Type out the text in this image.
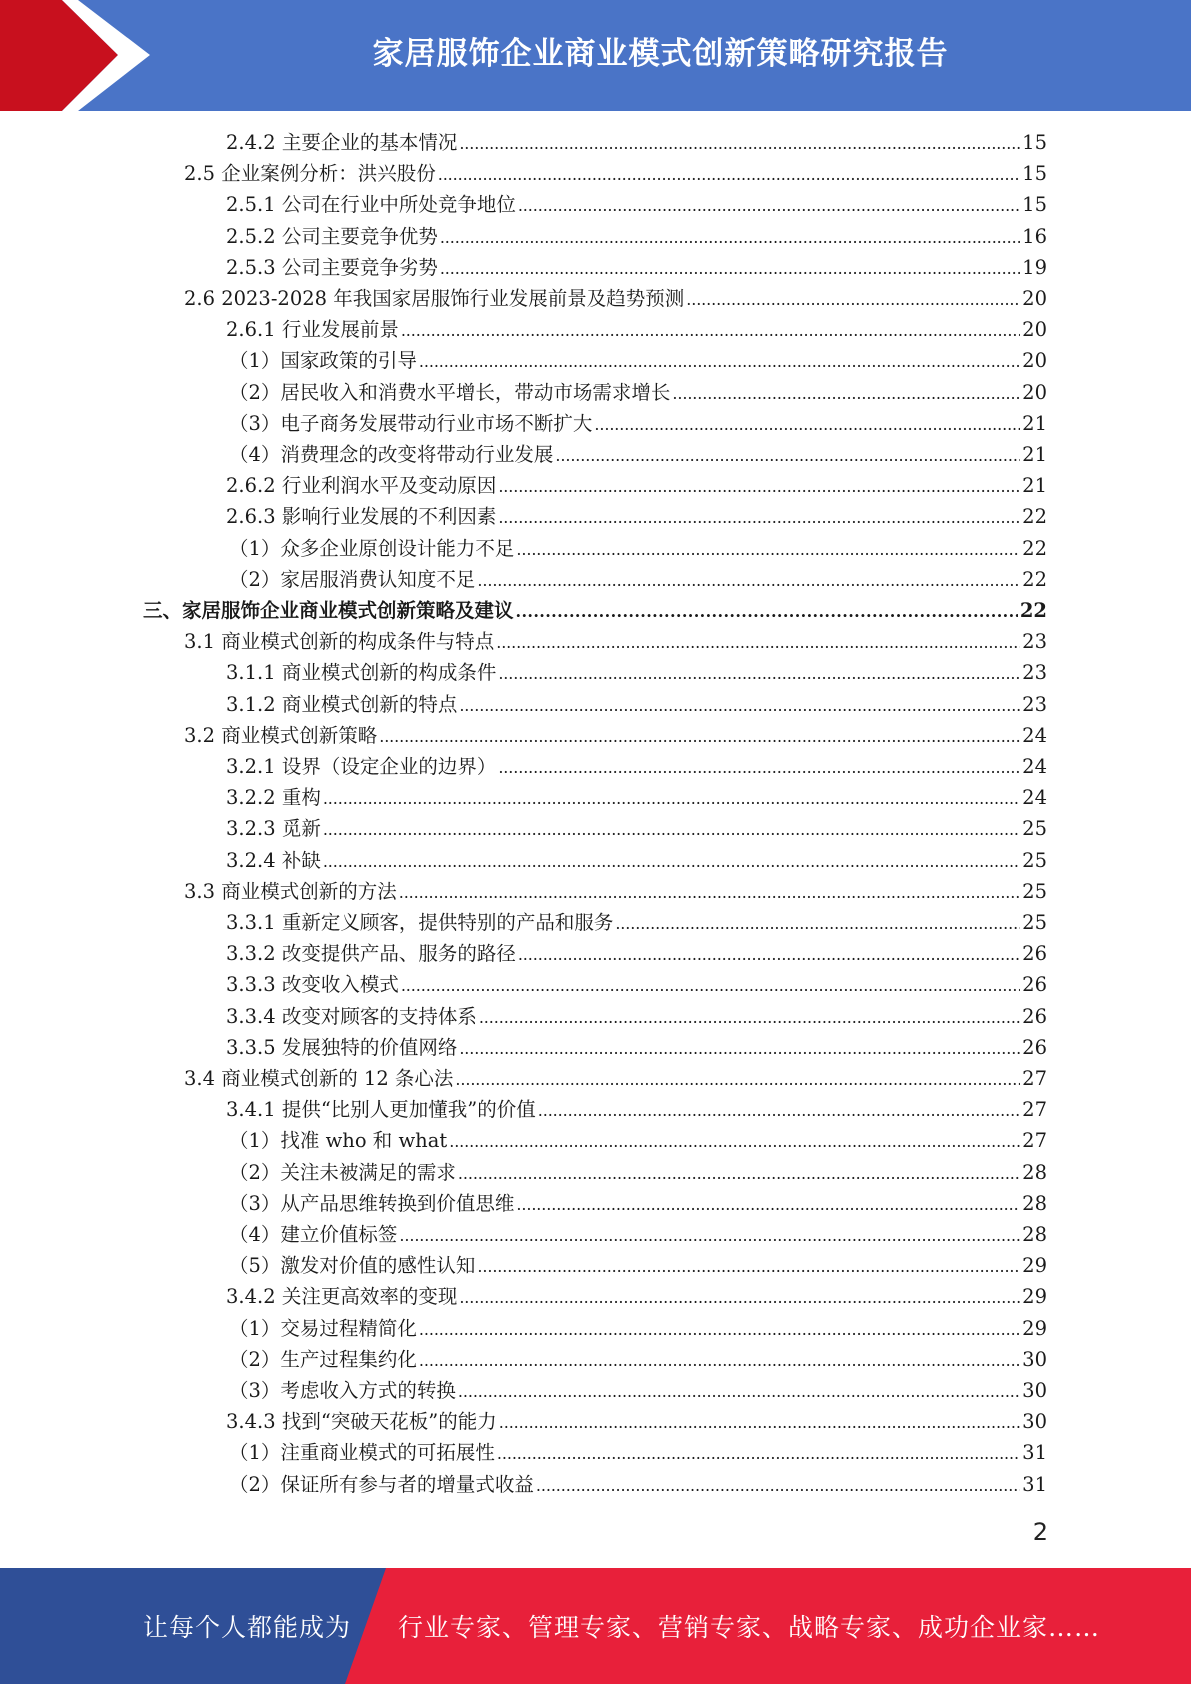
家居服饰企业商业模式创新策略研究报告
2.4.2 主要企业的基本情况 . . .	15
2.5 企业案例分析：洪兴股份 . . .	15
2.5.1 公司在行业中所处竞争地位 . . .	15
2.5.2 公司主要竞争优势 . . .	16
2.5.3 公司主要竞争劣势 . . .	19
2.6 2023-2028 年我国家居服饰行业发展前景及趋势预测 . . .	20
2.6.1 行业发展前景 . . .	20
（1）国家政策的引导 . . .	20
（2）居民收入和消费水平增长，带动市场需求增长 . . .	20
（3）电子商务发展带动行业市场不断扩大 . . .	21
（4）消费理念的改变将带动行业发展 . . .	21
2.6.2 行业利润水平及变动原因 . . .	21
2.6.3 影响行业发展的不利因素 . . .	22
（1）众多企业原创设计能力不足 . . .	22
（2）家居服消费认知度不足 . . .	22
三、家居服饰企业商业模式创新策略及建议 . . .	22
3.1 商业模式创新的构成条件与特点 . . .	23
3.1.1 商业模式创新的构成条件 . . .	23
3.1.2 商业模式创新的特点 . . .	23
3.2 商业模式创新策略 . . .	24
3.2.1 设界（设定企业的边界） . . .	24
3.2.2 重构 . . .	24
3.2.3 觅新 . . .	25
3.2.4 补缺 . . .	25
3.3 商业模式创新的方法 . . .	25
3.3.1 重新定义顾客，提供特别的产品和服务 . . .	25
3.3.2 改变提供产品、服务的路径 . . .	26
3.3.3 改变收入模式 . . .	26
3.3.4 改变对顾客的支持体系 . . .	26
3.3.5 发展独特的价值网络 . . .	26
3.4 商业模式创新的 12 条心法 . . .	27
3.4.1 提供“比别人更加懂我”的价值 . . .	27
（1）找准 who 和 what . . .	27
（2）关注未被满足的需求 . . .	28
（3）从产品思维转换到价值思维 . . .	28
（4）建立价值标签 . . .	28
（5）激发对价值的感性认知 . . .	29
3.4.2 关注更高效率的变现 . . .	29
（1）交易过程精简化 . . .	29
（2）生产过程集约化 . . .	30
（3）考虑收入方式的转换 . . .	30
3.4.3 找到“突破天花板”的能力 . . .	30
（1）注重商业模式的可拓展性 . . .	31
（2）保证所有参与者的增量式收益 . . .	31
2
让每个人都能成为 行业专家、管理专家、营销专家、战略专家、成功企业家……
